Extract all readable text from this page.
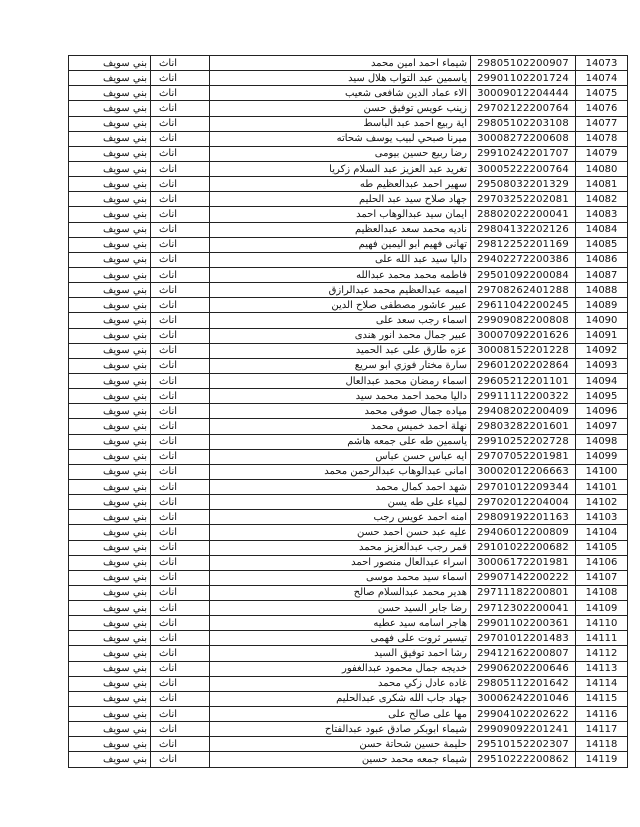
بني سويف	اناث	شيماء احمد امين محمد	29805102200907	14073
بني سويف	اناث	ياسمين عبد التواب هلال سيد	29901102201724	14074
بني سويف	اناث	الاء عماد الدين شافعى شعيب	30009012204444	14075
بني سويف	اناث	زينب عويس توفيق حسن	29702122200764	14076
بني سويف	اناث	اية ربيع احمد عبد الباسط	29805102203108	14077
بني سويف	اناث	ميرنا صبحي لبيب يوسف شحاته	30008272200608	14078
بني سويف	اناث	رضا ربيع حسين بيومى	29910242201707	14079
بني سويف	اناث	تغريد عبد العزيز عبد السلام زكريا	30005222200764	14080
بني سويف	اناث	سهير احمد عبدالعظيم طه	29508032201329	14081
بني سويف	اناث	جهاد صلاح سيد عبد الحليم	29703252202081	14082
بني سويف	اناث	ايمان سيد عبدالوهاب احمد	28802022200041	14083
بني سويف	اناث	ناديه محمد سعد عبدالعظيم	29804132202126	14084
بني سويف	اناث	تهانى فهيم ابو اليمين فهيم	29812252201169	14085
بني سويف	اناث	داليا سيد عبد الله على	29402272200386	14086
بني سويف	اناث	فاطمه محمد محمد عبدالله	29501092200084	14087
بني سويف	اناث	اميمه عبدالعظيم محمد عبدالرازق	29708262401288	14088
بني سويف	اناث	عبير عاشور مصطفى صلاح الدين	29611042200245	14089
بني سويف	اناث	اسماء رجب سعد على	29909082200808	14090
بني سويف	اناث	عبير جمال محمد انور هندى	30007092201626	14091
بني سويف	اناث	عزه طارق على عبد الحميد	30008152201228	14092
بني سويف	اناث	سارة مختار فوزي ابو سريع	29601202202864	14093
بني سويف	اناث	اسماء رمضان محمد عبدالعال	29605212201101	14094
بني سويف	اناث	داليا محمد احمد محمد سيد	29911112200322	14095
بني سويف	اناث	مياده جمال صوفى محمد	29408202200409	14096
بني سويف	اناث	نهلة احمد خميس محمد	29803282201601	14097
بني سويف	اناث	ياسمين طه على جمعه هاشم	29910252202728	14098
بني سويف	اناث	ايه عباس حسن عباس	29707052201981	14099
بني سويف	اناث	امانى عبدالوهاب عبدالرحمن محمد	30002012206663	14100
بني سويف	اناث	شهد احمد كمال محمد	29701012209344	14101
بني سويف	اناث	لمياء على طه يسن	29702012204004	14102
بني سويف	اناث	امنه احمد عويس رجب	29809192201163	14103
بني سويف	اناث	عليه عبد حسن احمد حسن	29406012200809	14104
بني سويف	اناث	قمر رجب عبدالعزيز محمد	29101022200682	14105
بني سويف	اناث	اسراء عبدالعال منصور احمد	30006172201981	14106
بني سويف	اناث	اسماء سيد محمد موسى	29907142200222	14107
بني سويف	اناث	هدير محمد عبدالسلام صالح	29711182200801	14108
بني سويف	اناث	رضا جابر السيد حسن	29712302200041	14109
بني سويف	اناث	هاجر اسامه سيد عطيه	29901102200361	14110
بني سويف	اناث	تيسير ثروت على فهمى	29701012201483	14111
بني سويف	اناث	رشا احمد توفيق السيد	29412162200807	14112
بني سويف	اناث	خديجه جمال محمود عبدالغفور	29906202200646	14113
بني سويف	اناث	غاده عادل زكي محمد	29805112201642	14114
بني سويف	اناث	جهاد جاب الله شكرى عبدالحليم	30006242201046	14115
بني سويف	اناث	مها على صالح على	29904102202622	14116
بني سويف	اناث	شيماء ابوبكر صادق عبود عبدالفتاح	29909092201241	14117
بني سويف	اناث	حليمة حسين شحاتة حسن	29510152202307	14118
بني سويف	اناث	شيماء جمعه محمد حسين	29510222200862	14119
